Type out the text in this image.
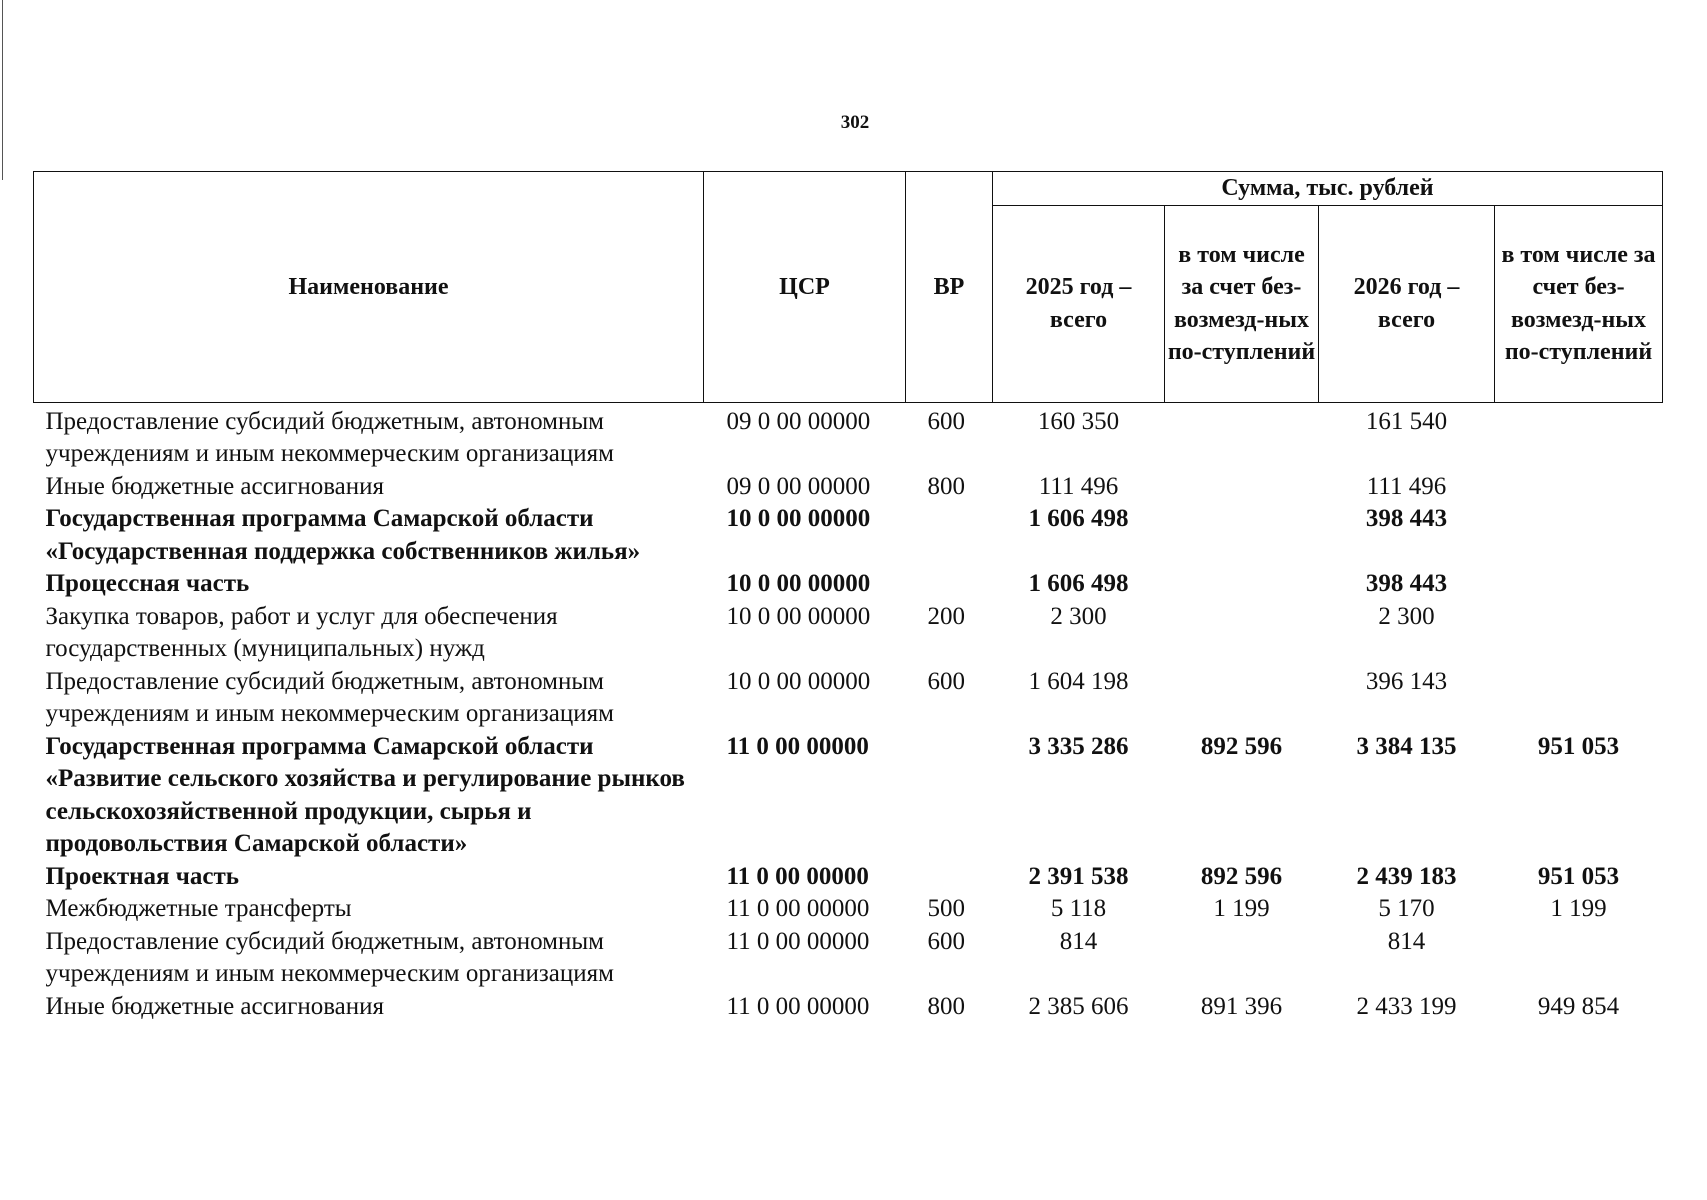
302
Наименование	ЦСР	ВР	Сумма, тыс. рублей			
			2025 год – всего	в том числе за счет без-возмезд-ных по-ступлений	2026 год – всего	в том числе за счет без-возмезд-ных по-ступлений
Предоставление субсидий бюджетным, автономным учреждениям и иным некоммерческим организациям	09 0 00 00000	600	160 350		161 540	
Иные бюджетные ассигнования	09 0 00 00000	800	111 496		111 496	
Государственная программа Самарской области «Государственная поддержка собственников жилья»	10 0 00 00000		1 606 498		398 443	
Процессная часть	10 0 00 00000		1 606 498		398 443	
Закупка товаров, работ и услуг для обеспечения государственных (муниципальных) нужд	10 0 00 00000	200	2 300		2 300	
Предоставление субсидий бюджетным, автономным учреждениям и иным некоммерческим организациям	10 0 00 00000	600	1 604 198		396 143	
Государственная программа Самарской области «Развитие сельского хозяйства и регулирование рынков сельскохозяйственной продукции, сырья и продовольствия Самарской области»	11 0 00 00000		3 335 286	892 596	3 384 135	951 053
Проектная часть	11 0 00 00000		2 391 538	892 596	2 439 183	951 053
Межбюджетные трансферты	11 0 00 00000	500	5 118	1 199	5 170	1 199
Предоставление субсидий бюджетным, автономным учреждениям и иным некоммерческим организациям	11 0 00 00000	600	814		814	
Иные бюджетные ассигнования	11 0 00 00000	800	2 385 606	891 396	2 433 199	949 854
